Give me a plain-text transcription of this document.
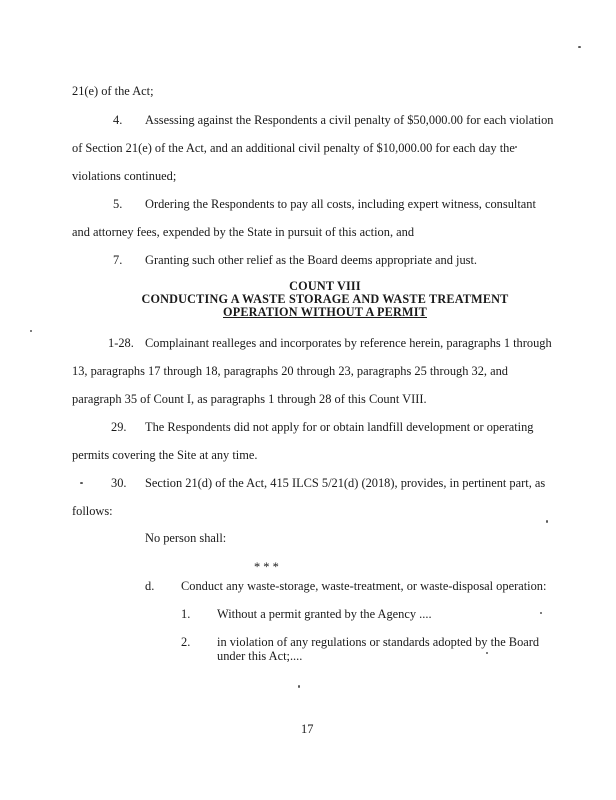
21(e) of the Act;
4. Assessing against the Respondents a civil penalty of $50,000.00 for each violation
of Section 21(e) of the Act, and an additional civil penalty of $10,000.00 for each day the
violations continued;
5. Ordering the Respondents to pay all costs, including expert witness, consultant
and attorney fees, expended by the State in pursuit of this action, and
7. Granting such other relief as the Board deems appropriate and just.
COUNT VIII
CONDUCTING A WASTE STORAGE AND WASTE TREATMENT
OPERATION WITHOUT A PERMIT
1-28. Complainant realleges and incorporates by reference herein, paragraphs 1 through
13, paragraphs 17 through 18, paragraphs 20 through 23, paragraphs 25 through 32, and
paragraph 35 of Count I, as paragraphs 1 through 28 of this Count VIII.
29. The Respondents did not apply for or obtain landfill development or operating
permits covering the Site at any time.
30. Section 21(d) of the Act, 415 ILCS 5/21(d) (2018), provides, in pertinent part, as
follows:
No person shall:
* * *
d. Conduct any waste-storage, waste-treatment, or waste-disposal operation:
1. Without a permit granted by the Agency ....
2. in violation of any regulations or standards adopted by the Board
under this Act;....
17
